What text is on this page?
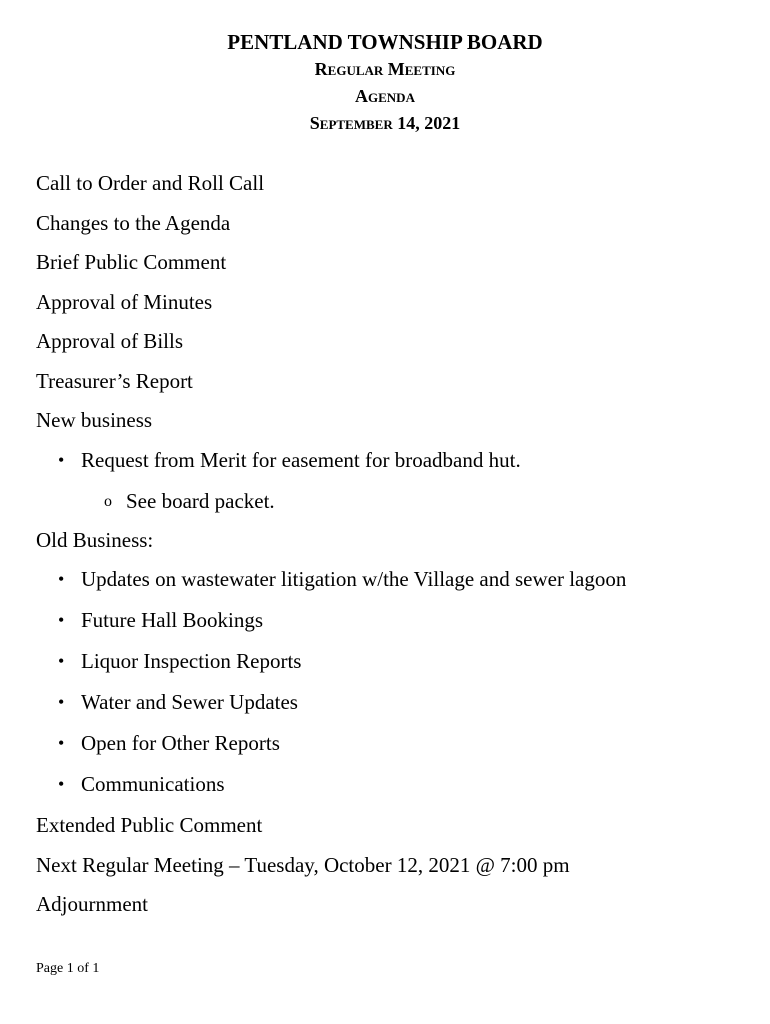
PENTLAND TOWNSHIP BOARD
Regular Meeting
Agenda
September 14, 2021
Call to Order and Roll Call
Changes to the Agenda
Brief Public Comment
Approval of Minutes
Approval of Bills
Treasurer’s Report
New business
• Request from Merit for easement for broadband hut.
o See board packet.
Old Business:
• Updates on wastewater litigation w/the Village and sewer lagoon
• Future Hall Bookings
• Liquor Inspection Reports
• Water and Sewer Updates
• Open for Other Reports
• Communications
Extended Public Comment
Next Regular Meeting – Tuesday, October 12, 2021 @ 7:00 pm
Adjournment
Page 1 of 1
